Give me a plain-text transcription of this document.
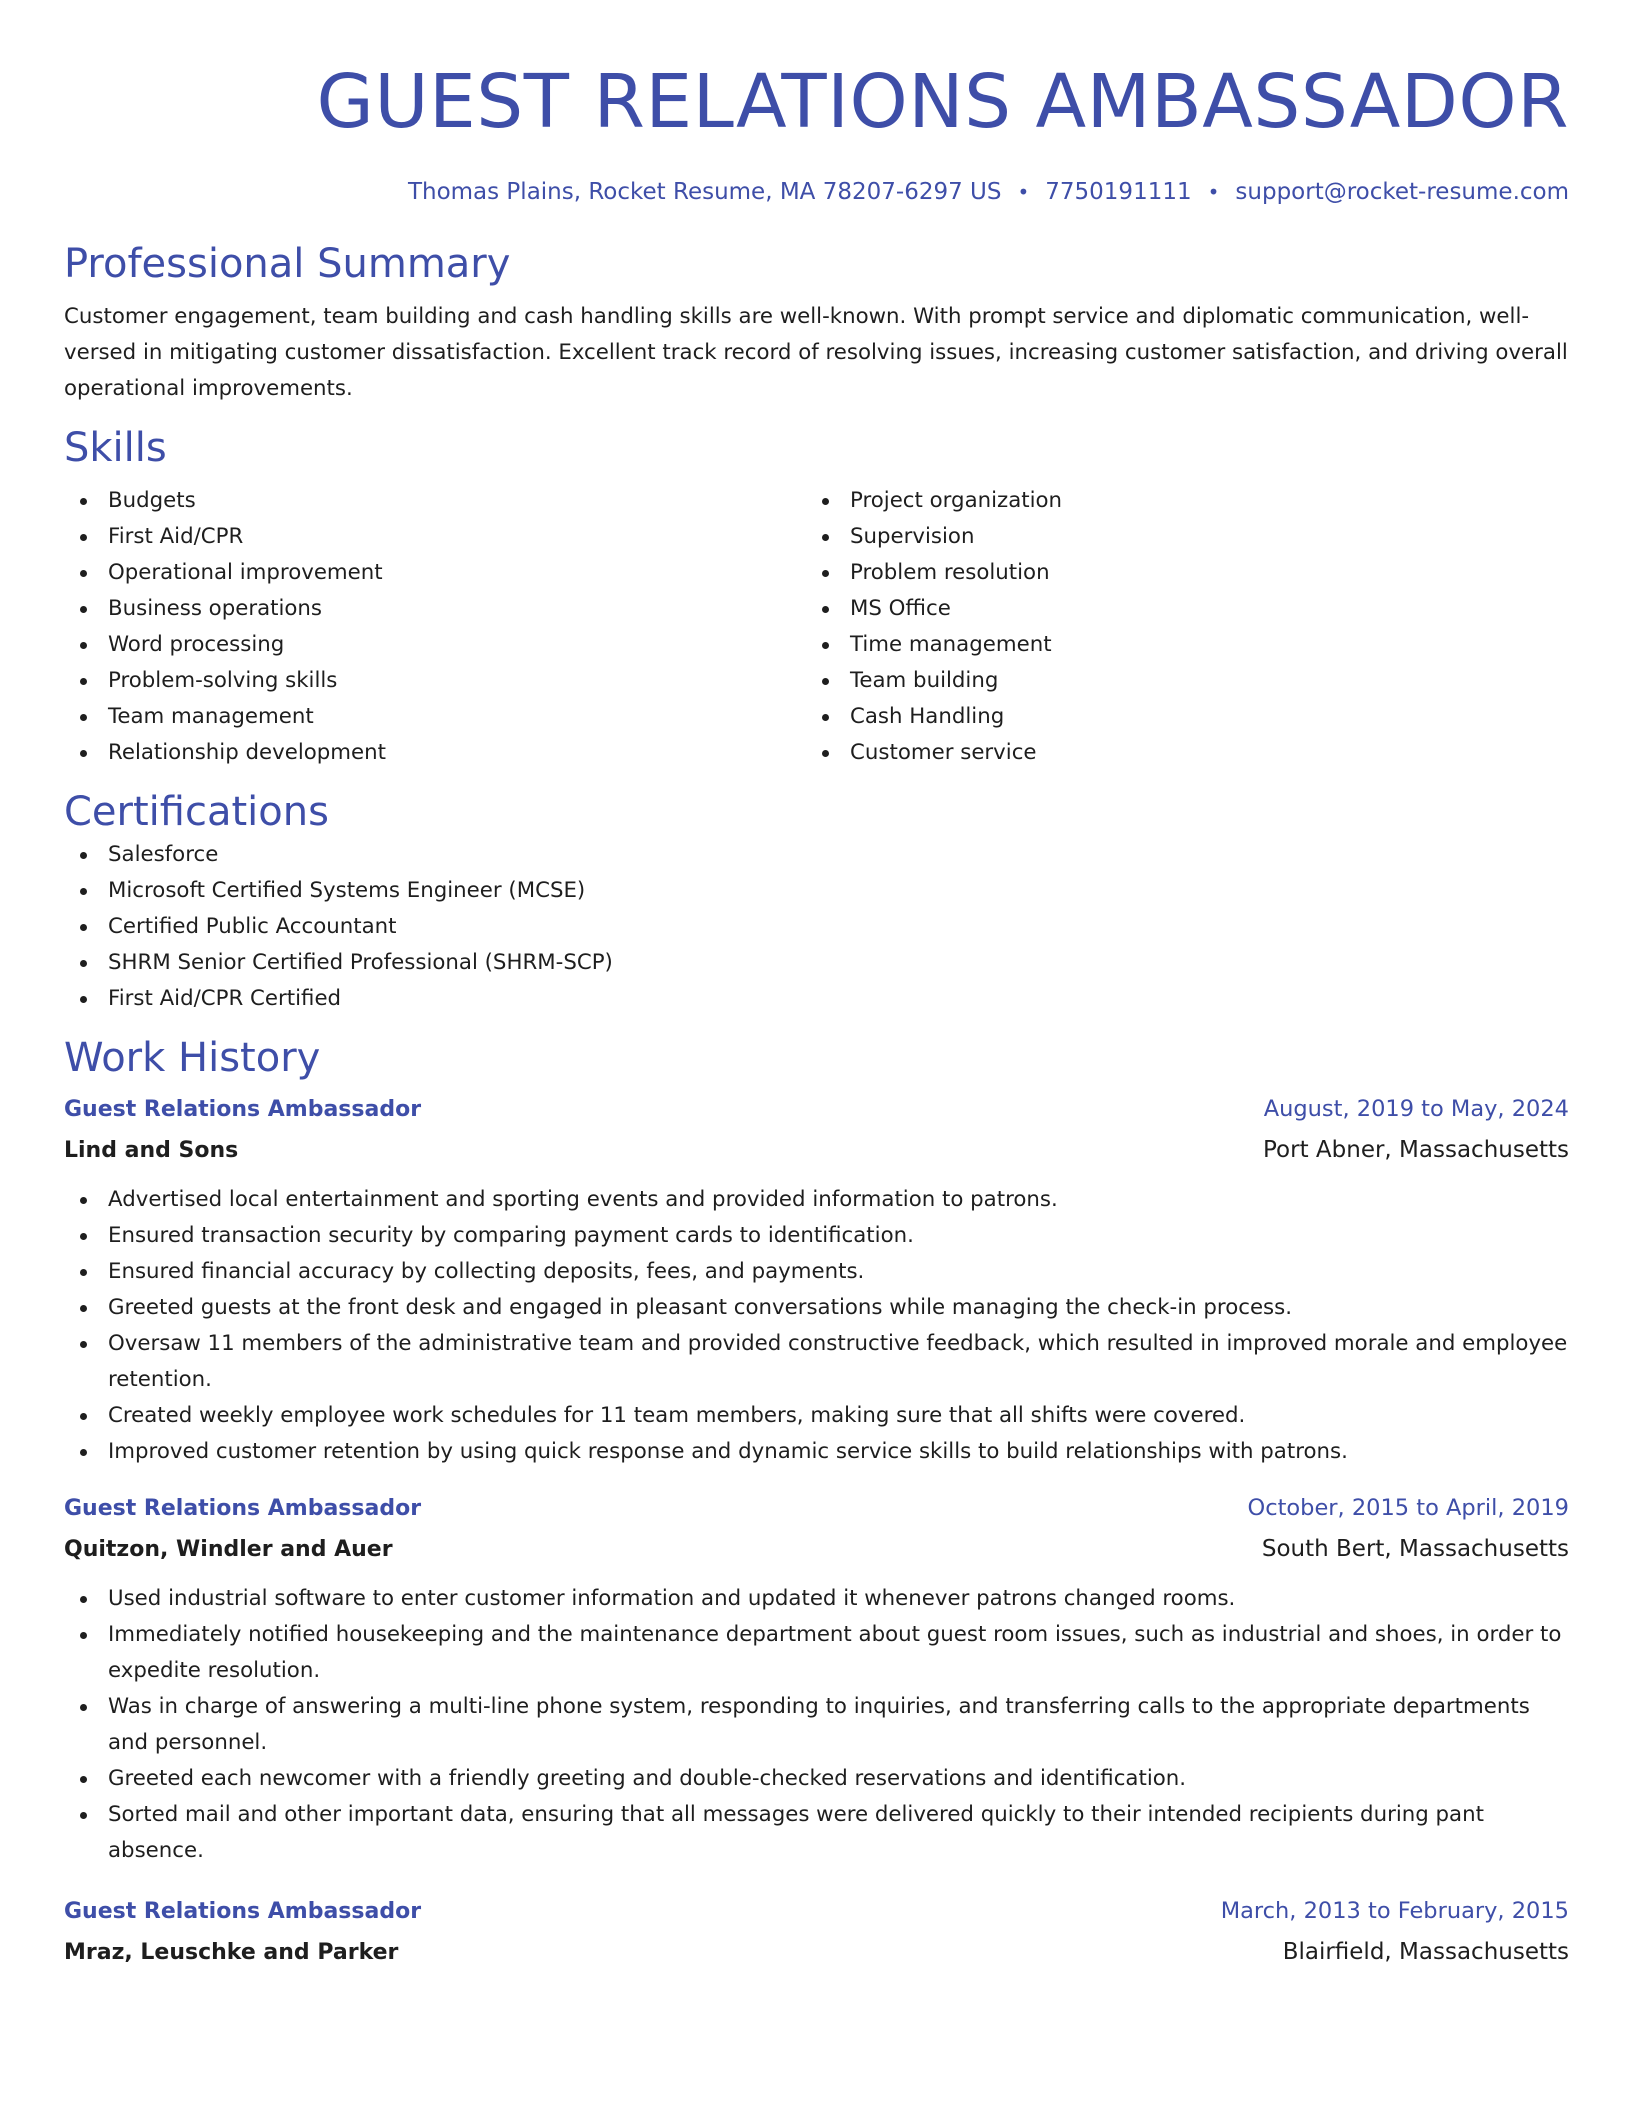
GUEST RELATIONS AMBASSADOR
Thomas Plains, Rocket Resume, MA 78207-6297 US • 7750191111 • support@rocket-resume.com
Professional Summary

Customer engagement, team building and cash handling skills are well-known. With prompt service and diplomatic communication, well-versed in mitigating customer dissatisfaction. Excellent track record of resolving issues, increasing customer satisfaction, and driving overall operational improvements.

Skills
Budgets
First Aid/CPR
Operational improvement
Business operations
Word processing
Problem-solving skills
Team management
Relationship development
Project organization
Supervision
Problem resolution
MS Office
Time management
Team building
Cash Handling
Customer service
Certifications
Salesforce
Microsoft Certified Systems Engineer (MCSE)
Certified Public Accountant
SHRM Senior Certified Professional (SHRM-SCP)
First Aid/CPR Certified
Work History
Guest Relations Ambassador	August, 2019 to May, 2024
Lind and Sons	Port Abner, Massachusetts
Advertised local entertainment and sporting events and provided information to patrons.
Ensured transaction security by comparing payment cards to identification.
Ensured financial accuracy by collecting deposits, fees, and payments.
Greeted guests at the front desk and engaged in pleasant conversations while managing the check-in process.
Oversaw 11 members of the administrative team and provided constructive feedback, which resulted in improved morale and employee retention.
Created weekly employee work schedules for 11 team members, making sure that all shifts were covered.
Improved customer retention by using quick response and dynamic service skills to build relationships with patrons.
Guest Relations Ambassador	October, 2015 to April, 2019
Quitzon, Windler and Auer	South Bert, Massachusetts
Used industrial software to enter customer information and updated it whenever patrons changed rooms.
Immediately notified housekeeping and the maintenance department about guest room issues, such as industrial and shoes, in order to expedite resolution.
Was in charge of answering a multi-line phone system, responding to inquiries, and transferring calls to the appropriate departments and personnel.
Greeted each newcomer with a friendly greeting and double-checked reservations and identification.
Sorted mail and other important data, ensuring that all messages were delivered quickly to their intended recipients during pant absence.
Guest Relations Ambassador	March, 2013 to February, 2015
Mraz, Leuschke and Parker	Blairfield, Massachusetts
